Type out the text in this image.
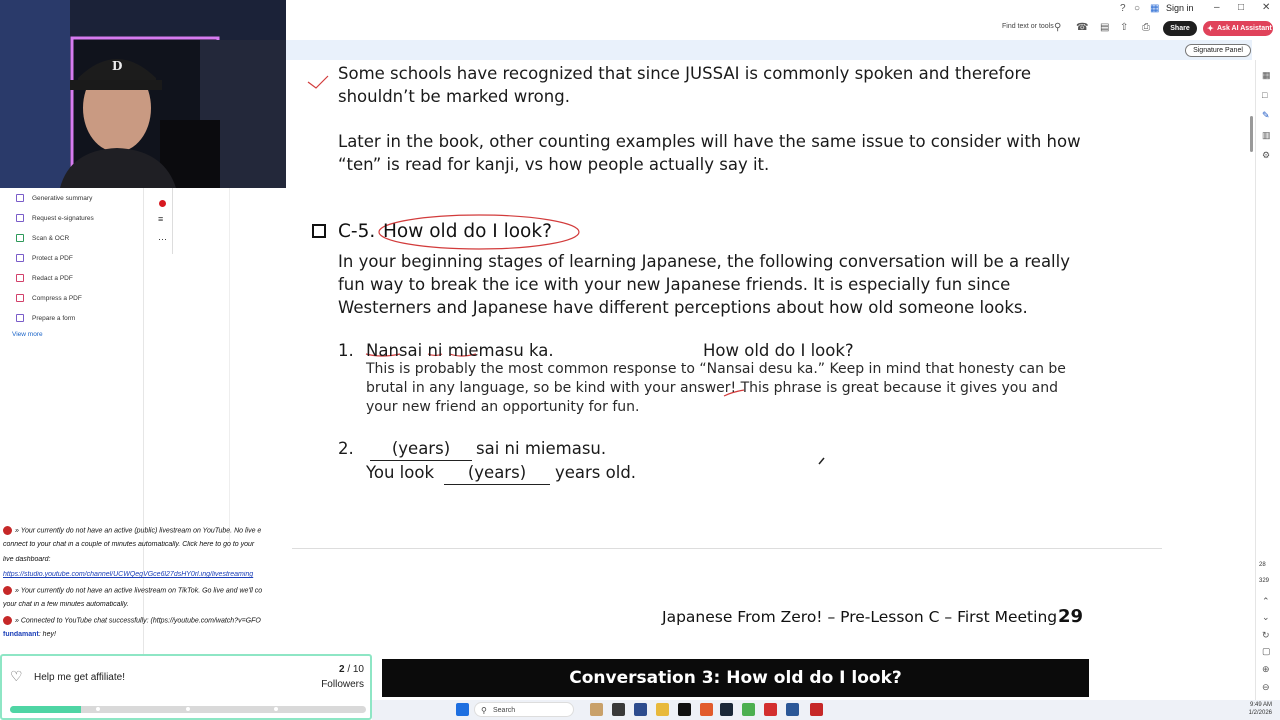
D
? ○ ▦ Sign in – □ ✕
Find text or tools ⚲ ☎ ▤ ⇧ ⎙	Share	✦ Ask AI Assistant
Signature Panel
Generative summary
Request e-signatures
Scan & OCR
Protect a PDF
Redact a PDF
Compress a PDF
Prepare a form
View more
≡
⋯
Some schools have recognized that since JUSSAI is commonly spoken and therefore
shouldn’t be marked wrong.
Later in the book, other counting examples will have the same issue to consider with how
“ten” is read for kanji, vs how people actually say it.
C-5. How old do I look?
In your beginning stages of learning Japanese, the following conversation will be a really
fun way to break the ice with your new Japanese friends. It is especially fun since
Westerners and Japanese have different perceptions about how old someone looks.
1. Nansai ni miemasu ka.	How old do I look?
This is probably the most common response to “Nansai desu ka.” Keep in mind that honesty can be
brutal in any language, so be kind with your answer! This phrase is great because it gives you and
your new friend an opportunity for fun.
2.	(years)	sai ni miemasu.
You look	(years)	years old.
Japanese From Zero! – Pre-Lesson C – First Meeting 29
Conversation 3: How old do I look?
▦
□
✎
▥
⚙
28
329
⌃
⌄
↻
▢
⊕
⊖
» Your currently do not have an active (public) livestream on YouTube. No live e
connect to your chat in a couple of minutes automatically. Click here to go to your
live dashboard:
https://studio.youtube.com/channel/UCWQegVGce6l27dsHY0rl.ing/livestreaming
» Your currently do not have an active livestream on TikTok. Go live and we'll co
your chat in a few minutes automatically.
» Connected to YouTube chat successfully: (https://youtube.com/watch?v=GFO
fundamant: hey!
♡ Help me get affiliate!
2 / 10
Followers
⚲ Search
9:49 AM
1/2/2026
